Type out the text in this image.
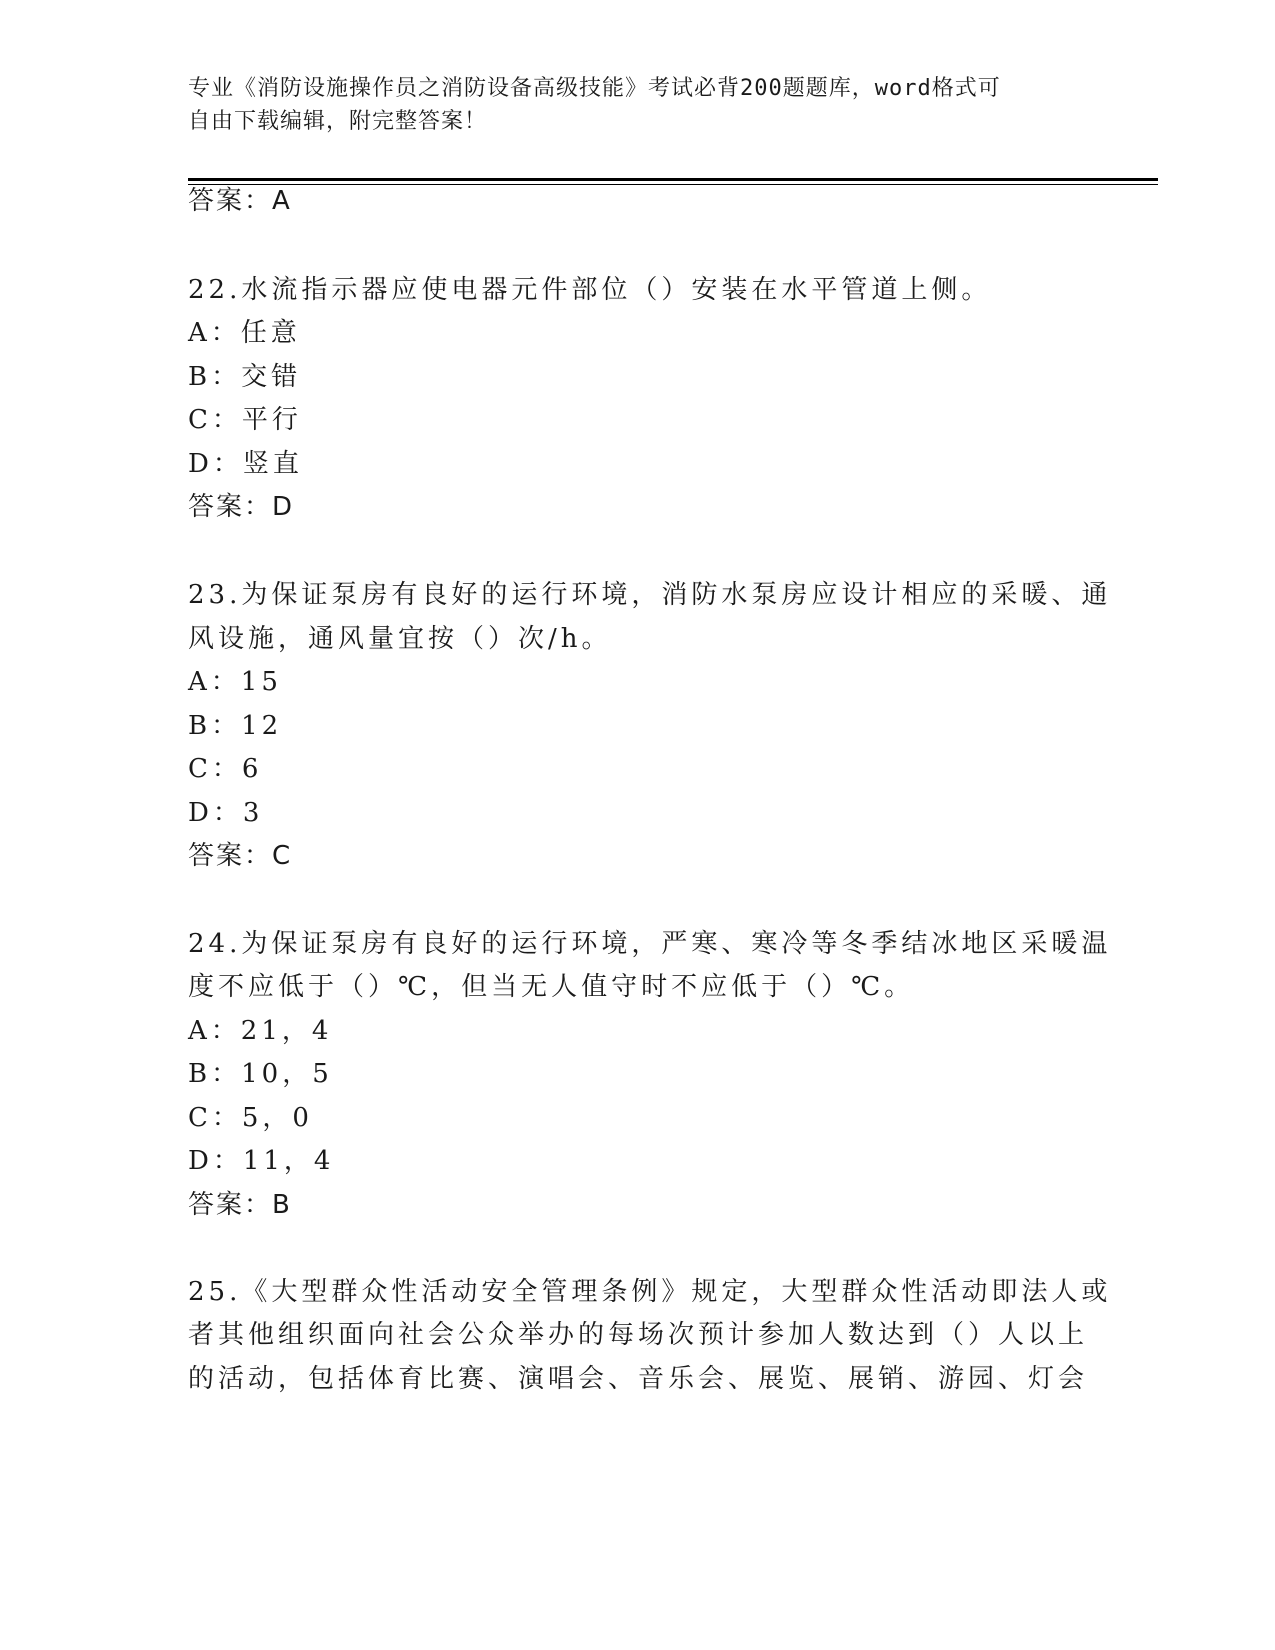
专业《消防设施操作员之消防设备高级技能》考试必背200题题库，word格式可
自由下载编辑，附完整答案！
答案：A
22.水流指示器应使电器元件部位（）安装在水平管道上侧。
A：任意
B：交错
C：平行
D：竖直
答案：D
23.为保证泵房有良好的运行环境，消防水泵房应设计相应的采暖、通
风设施，通风量宜按（）次/h。
A：15
B：12
C：6
D：3
答案：C
24.为保证泵房有良好的运行环境，严寒、寒冷等冬季结冰地区采暖温
度不应低于（）℃，但当无人值守时不应低于（）℃。
A：21，4
B：10，5
C：5，0
D：11，4
答案：B
25.《大型群众性活动安全管理条例》规定，大型群众性活动即法人或
者其他组织面向社会公众举办的每场次预计参加人数达到（）人以上
的活动，包括体育比赛、演唱会、音乐会、展览、展销、游园、灯会
